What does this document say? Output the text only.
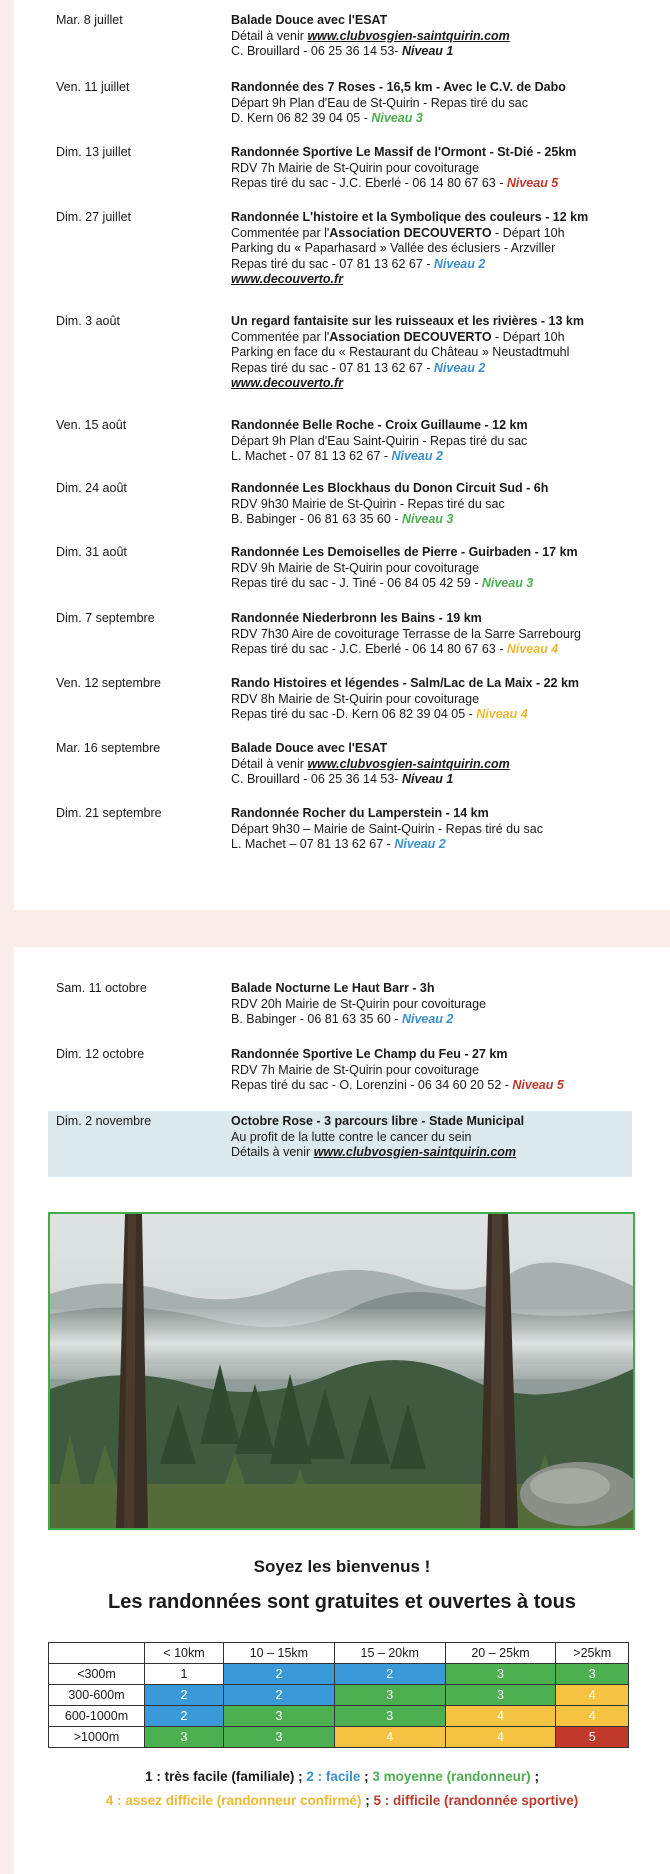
Mar. 8 juillet	Balade Douce avec l'ESAT
Détail à venir www.clubvosgien-saintquirin.com
C. Brouillard - 06 25 36 14 53- Niveau 1
Ven. 11 juillet	Randonnée des 7 Roses - 16,5 km - Avec le C.V. de Dabo
Départ 9h Plan d'Eau de St-Quirin - Repas tiré du sac
D. Kern 06 82 39 04 05 - Niveau 3
Dim. 13 juillet	Randonnée Sportive Le Massif de l'Ormont - St-Dié - 25km
RDV 7h Mairie de St-Quirin pour covoiturage
Repas tiré du sac - J.C. Eberlé - 06 14 80 67 63 - Niveau 5
Dim. 27 juillet	Randonnée L'histoire et la Symbolique des couleurs - 12 km
Commentée par l'Association DECOUVERTO - Départ 10h
Parking du « Paparhasard » Vallée des éclusiers - Arzviller
Repas tiré du sac - 07 81 13 62 67 - Niveau 2
www.decouverto.fr
Dim. 3 août	Un regard fantaisite sur les ruisseaux et les rivières - 13 km
Commentée par l'Association DECOUVERTO - Départ 10h
Parking en face du « Restaurant du Château » Neustadtmuhl
Repas tiré du sac - 07 81 13 62 67 - Niveau 2
www.decouverto.fr
Ven. 15 août	Randonnée Belle Roche - Croix Guillaume - 12 km
Départ 9h Plan d'Eau Saint-Quirin - Repas tiré du sac
L. Machet - 07 81 13 62 67 - Niveau 2
Dim. 24 août	Randonnée Les Blockhaus du Donon Circuit Sud - 6h
RDV 9h30 Mairie de St-Quirin - Repas tiré du sac
B. Babinger - 06 81 63 35 60 - Niveau 3
Dim. 31 août	Randonnée Les Demoiselles de Pierre - Guirbaden - 17 km
RDV 9h Mairie de St-Quirin pour covoiturage
Repas tiré du sac - J. Tiné - 06 84 05 42 59 - Niveau 3
Dim. 7 septembre	Randonnée Niederbronn les Bains - 19 km
RDV 7h30 Aire de covoiturage Terrasse de la Sarre Sarrebourg
Repas tiré du sac - J.C. Eberlé - 06 14 80 67 63 - Niveau 4
Ven. 12 septembre	Rando Histoires et légendes - Salm/Lac de La Maix - 22 km
RDV 8h Mairie de St-Quirin pour covoiturage
Repas tiré du sac -D. Kern 06 82 39 04 05 - Niveau 4
Mar. 16 septembre	Balade Douce avec l'ESAT
Détail à venir www.clubvosgien-saintquirin.com
C. Brouillard - 06 25 36 14 53- Niveau 1
Dim. 21 septembre	Randonnée Rocher du Lamperstein - 14 km
Départ 9h30 – Mairie de Saint-Quirin - Repas tiré du sac
L. Machet – 07 81 13 62 67 - Niveau 2
Soyez les bienvenus !
Les randonnées sont gratuites et ouvertes à tous
	< 10km	10 – 15km	15 – 20km	20 – 25km	>25km
<300m	1	2	2	3	3
300-600m	2	2	3	3	4
600-1000m	2	3	3	4	4
>1000m	3	3	4	4	5
1 : très facile (familiale) ; 2 : facile ; 3 moyenne (randonneur) ;
4 : assez difficile (randonneur confirmé) ; 5 : difficile (randonnée sportive)
Sam. 11 octobre	Balade Nocturne Le Haut Barr - 3h
RDV 20h Mairie de St-Quirin pour covoiturage
B. Babinger - 06 81 63 35 60 - Niveau 2
Dim. 12 octobre	Randonnée Sportive Le Champ du Feu - 27 km
RDV 7h Mairie de St-Quirin pour covoiturage
Repas tiré du sac - O. Lorenzini - 06 34 60 20 52 - Niveau 5
Dim. 2 novembre	Octobre Rose - 3 parcours libre - Stade Municipal
Au profit de la lutte contre le cancer du sein
Détails à venir www.clubvosgien-saintquirin.com
